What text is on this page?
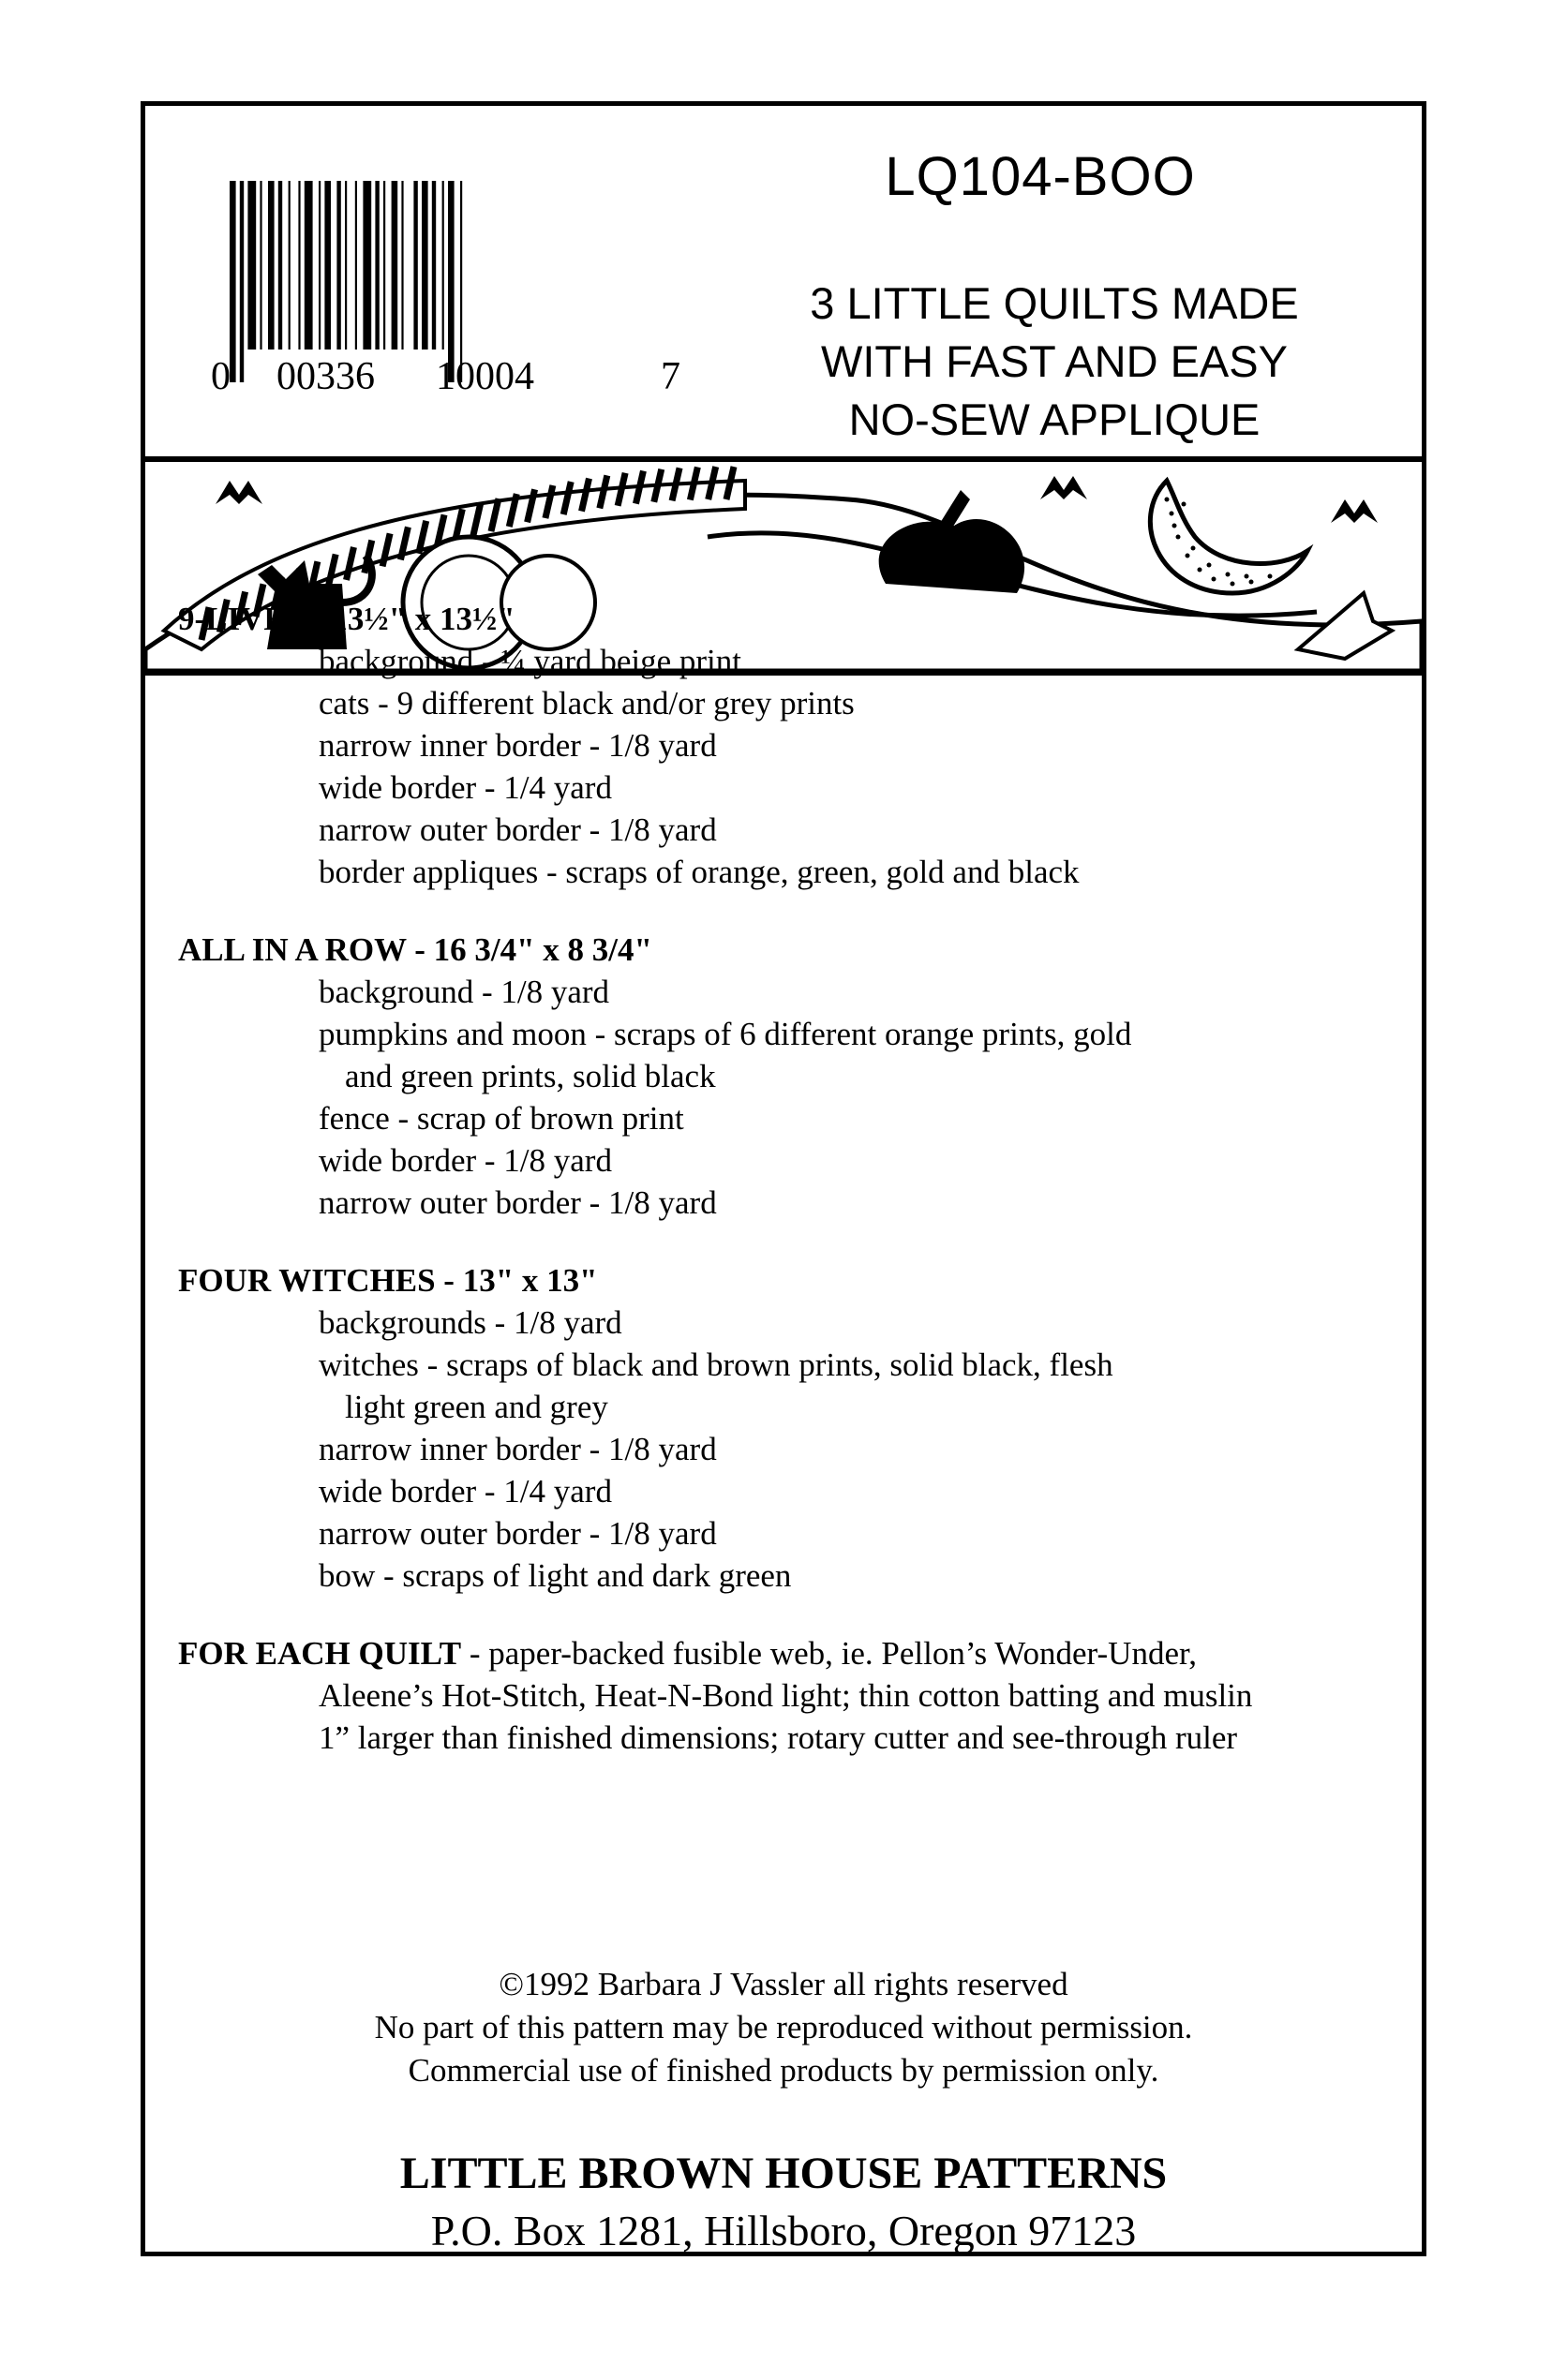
0 00336 10004	7
LQ104-BOO
3 LITTLE QUILTS MADE
WITH FAST AND EASY
NO-SEW APPLIQUE
9-LIVES - 13½" x 13½"
background - ¼ yard beige print
cats - 9 different black and/or grey prints
narrow inner border - 1/8 yard
wide border - 1/4 yard
narrow outer border - 1/8 yard
border appliques - scraps of orange, green, gold and black
ALL IN A ROW - 16 3/4" x 8 3/4"
background - 1/8 yard
pumpkins and moon - scraps of 6 different orange prints, gold
and green prints, solid black
fence - scrap of brown print
wide border - 1/8 yard
narrow outer border - 1/8 yard
FOUR WITCHES - 13" x 13"
backgrounds - 1/8 yard
witches - scraps of black and brown prints, solid black, flesh
light green and grey
narrow inner border - 1/8 yard
wide border - 1/4 yard
narrow outer border - 1/8 yard
bow - scraps of light and dark green
FOR EACH QUILT - paper-backed fusible web, ie. Pellon’s Wonder-Under,
Aleene’s Hot-Stitch, Heat-N-Bond light; thin cotton batting and muslin
1” larger than finished dimensions; rotary cutter and see-through ruler
©1992 Barbara J Vassler all rights reserved
No part of this pattern may be reproduced without permission.
Commercial use of finished products by permission only.
LITTLE BROWN HOUSE PATTERNS
P.O. Box 1281, Hillsboro, Oregon 97123
